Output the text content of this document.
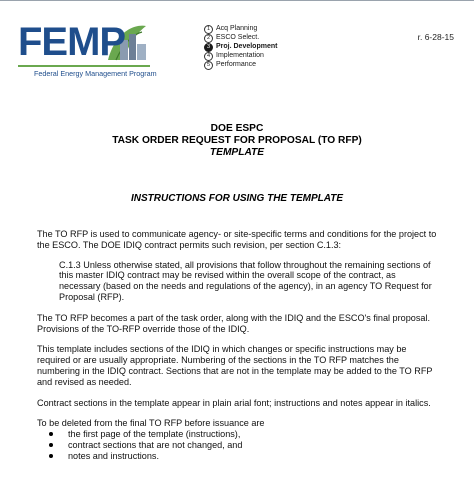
FEMP
Federal Energy Management Program
1 Acq Planning
2 ESCO Select.
3 Proj. Development
4 Implementation
5 Performance
r. 6-28-15
DOE ESPC
TASK ORDER REQUEST FOR PROPOSAL (TO RFP)
TEMPLATE
INSTRUCTIONS FOR USING THE TEMPLATE

The TO RFP is used to communicate agency- or site-specific terms and conditions for the project to the ESCO. The DOE IDIQ contract permits such revision, per section C.1.3:

C.1.3 Unless otherwise stated, all provisions that follow throughout the remaining sections of this master IDIQ contract may be revised within the overall scope of the contract, as necessary (based on the needs and regulations of the agency), in an agency TO Request for Proposal (RFP).

The TO RFP becomes a part of the task order, along with the IDIQ and the ESCO's final proposal. Provisions of the TO-RFP override those of the IDIQ.

This template includes sections of the IDIQ in which changes or specific instructions may be required or are usually appropriate. Numbering of the sections in the TO RFP matches the numbering in the IDIQ contract. Sections that are not in the template may be added to the TO RFP and revised as needed.

Contract sections in the template appear in plain arial font; instructions and notes appear in italics.

To be deleted from the final TO RFP before issuance are

the first page of the template (instructions),
contract sections that are not changed, and
notes and instructions.
